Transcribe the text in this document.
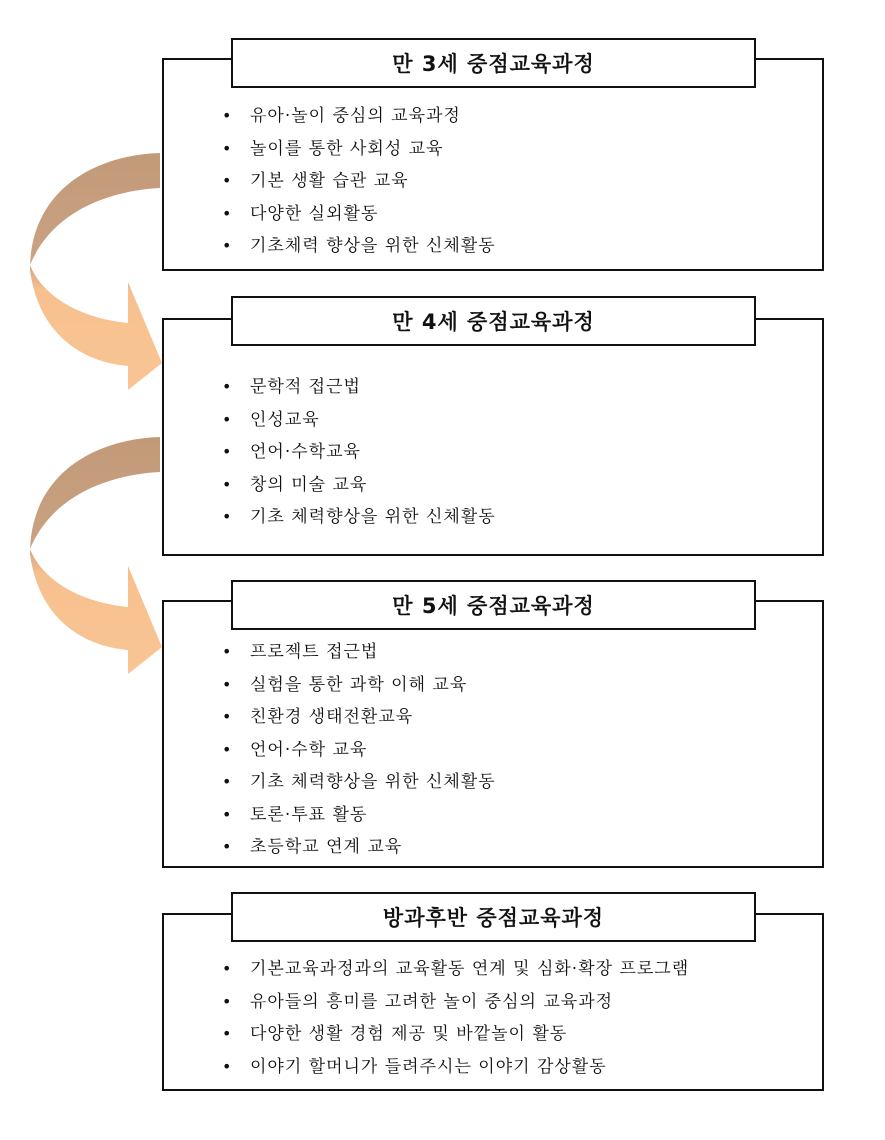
• 유아·놀이 중심의 교육과정
• 놀이를 통한 사회성 교육
• 기본 생활 습관 교육
• 다양한 실외활동
• 기초체력 향상을 위한 신체활동
만 3세 중점교육과정
• 문학적 접근법
• 인성교육
• 언어·수학교육
• 창의 미술 교육
• 기초 체력향상을 위한 신체활동
만 4세 중점교육과정
• 프로젝트 접근법
• 실험을 통한 과학 이해 교육
• 친환경 생태전환교육
• 언어·수학 교육
• 기초 체력향상을 위한 신체활동
• 토론·투표 활동
• 초등학교 연계 교육
만 5세 중점교육과정
• 기본교육과정과의 교육활동 연계 및 심화·확장 프로그램
• 유아들의 흥미를 고려한 놀이 중심의 교육과정
• 다양한 생활 경험 제공 및 바깥놀이 활동
• 이야기 할머니가 들려주시는 이야기 감상활동
방과후반 중점교육과정
